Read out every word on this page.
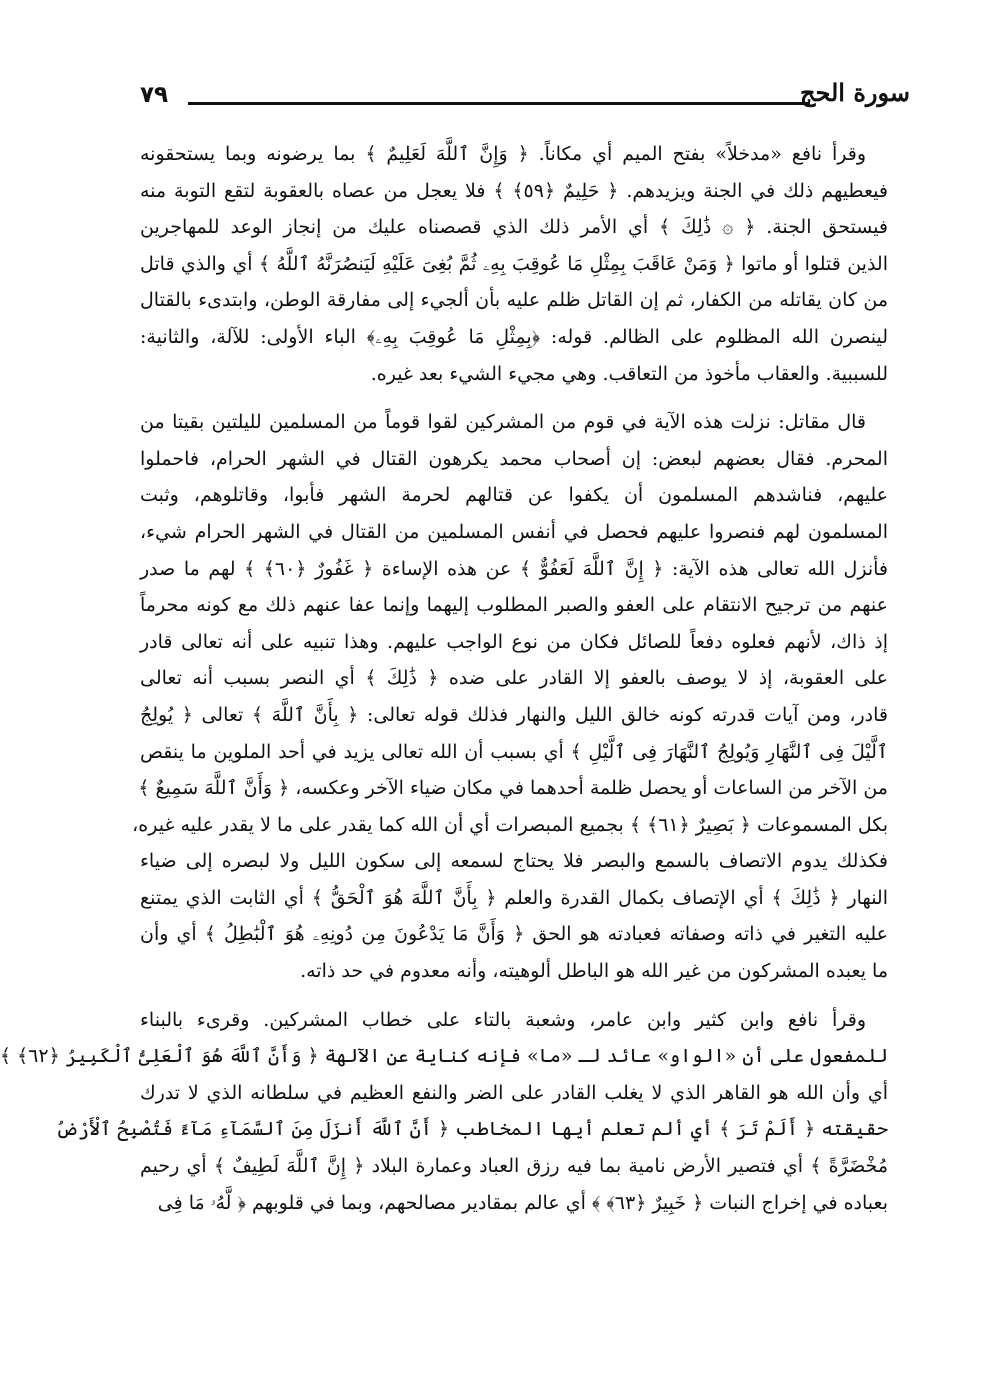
٧٩	سورة الحج
وقرأ نافع «مدخلاً» بفتح الميم أي مكاناً. ﴿ وَإِنَّ ٱللَّهَ لَعَلِيمٌ ﴾ بما يرضونه وبما يستحقونه
فيعطيهم ذلك في الجنة ويزيدهم. ﴿ حَلِيمٌ ﴿٥٩﴾ ﴾ فلا يعجل من عصاه بالعقوبة لتقع التوبة منه
فيستحق الجنة. ﴿ ۞ ذَٰلِكَ ﴾ أي الأمر ذلك الذي قصصناه عليك من إنجاز الوعد للمهاجرين
الذين قتلوا أو ماتوا ﴿ وَمَنْ عَاقَبَ بِمِثْلِ مَا عُوقِبَ بِهِۦ ثُمَّ بُغِىَ عَلَيْهِ لَيَنصُرَنَّهُ ٱللَّهُ ﴾ أي والذي قاتل
من كان يقاتله من الكفار، ثم إن القاتل ظلم عليه بأن ألجيء إلى مفارقة الوطن، وابتدىء بالقتال
لينصرن الله المظلوم على الظالم. قوله: ﴿بِمِثْلِ مَا عُوقِبَ بِهِۦ﴾ الباء الأولى: للآلة، والثانية:
للسببية. والعقاب مأخوذ من التعاقب. وهي مجيء الشيء بعد غيره.
قال مقاتل: نزلت هذه الآية في قوم من المشركين لقوا قوماً من المسلمين لليلتين بقيتا من
المحرم. فقال بعضهم لبعض: إن أصحاب محمد يكرهون القتال في الشهر الحرام، فاحملوا
عليهم، فناشدهم المسلمون أن يكفوا عن قتالهم لحرمة الشهر فأبوا، وقاتلوهم، وثبت
المسلمون لهم فنصروا عليهم فحصل في أنفس المسلمين من القتال في الشهر الحرام شيء،
فأنزل الله تعالى هذه الآية: ﴿ إِنَّ ٱللَّهَ لَعَفُوٌّ ﴾ عن هذه الإساءة ﴿ غَفُورٌ ﴿٦٠﴾ ﴾ لهم ما صدر
عنهم من ترجيح الانتقام على العفو والصبر المطلوب إليهما وإنما عفا عنهم ذلك مع كونه محرماً
إذ ذاك، لأنهم فعلوه دفعاً للصائل فكان من نوع الواجب عليهم. وهذا تنبيه على أنه تعالى قادر
على العقوبة، إذ لا يوصف بالعفو إلا القادر على ضده ﴿ ذَٰلِكَ ﴾ أي النصر بسبب أنه تعالى
قادر، ومن آيات قدرته كونه خالق الليل والنهار فذلك قوله تعالى: ﴿ بِأَنَّ ٱللَّهَ ﴾ تعالى ﴿ يُولِجُ
ٱلَّيْلَ فِى ٱلنَّهَارِ وَيُولِجُ ٱلنَّهَارَ فِى ٱلَّيْلِ ﴾ أي بسبب أن الله تعالى يزيد في أحد الملوين ما ينقص
من الآخر من الساعات أو يحصل ظلمة أحدهما في مكان ضياء الآخر وعكسه، ﴿ وَأَنَّ ٱللَّهَ سَمِيعٌ ﴾
بكل المسموعات ﴿ بَصِيرٌ ﴿٦١﴾ ﴾ بجميع المبصرات أي أن الله كما يقدر على ما لا يقدر عليه غيره،
فكذلك يدوم الاتصاف بالسمع والبصر فلا يحتاج لسمعه إلى سكون الليل ولا لبصره إلى ضياء
النهار ﴿ ذَٰلِكَ ﴾ أي الإتصاف بكمال القدرة والعلم ﴿ بِأَنَّ ٱللَّهَ هُوَ ٱلْحَقُّ ﴾ أي الثابت الذي يمتنع
عليه التغير في ذاته وصفاته فعبادته هو الحق ﴿ وَأَنَّ مَا يَدْعُونَ مِن دُونِهِۦ هُوَ ٱلْبَٰطِلُ ﴾ أي وأن
ما يعبده المشركون من غير الله هو الباطل ألوهيته، وأنه معدوم في حد ذاته.
وقرأ نافع وابن كثير وابن عامر، وشعبة بالتاء على خطاب المشركين. وقرىء بالبناء
للمفعول على أن «الواو» عائد لـ «ما» فإنه كناية عن الآلهة ﴿ وَأَنَّ ٱللَّهَ هُوَ ٱلْعَلِىُّ ٱلْكَبِيرُ ﴿٦٢﴾ ﴾
أي وأن الله هو القاهر الذي لا يغلب القادر على الضر والنفع العظيم في سلطانه الذي لا تدرك
حقيقته ﴿ أَلَمْ تَرَ ﴾ أي ألم تعلم أيها المخاطب ﴿ أَنَّ ٱللَّهَ أَنزَلَ مِنَ ٱلسَّمَآءِ مَآءً فَتُصْبِحُ ٱلْأَرْضُ
مُخْضَرَّةً ﴾ أي فتصير الأرض نامية بما فيه رزق العباد وعمارة البلاد ﴿ إِنَّ ٱللَّهَ لَطِيفٌ ﴾ أي رحيم
بعباده في إخراج النبات ﴿ خَبِيرٌ ﴿٦٣﴾ ﴾ أي عالم بمقادير مصالحهم، وبما في قلوبهم ﴿ لَّهُۥ مَا فِى
